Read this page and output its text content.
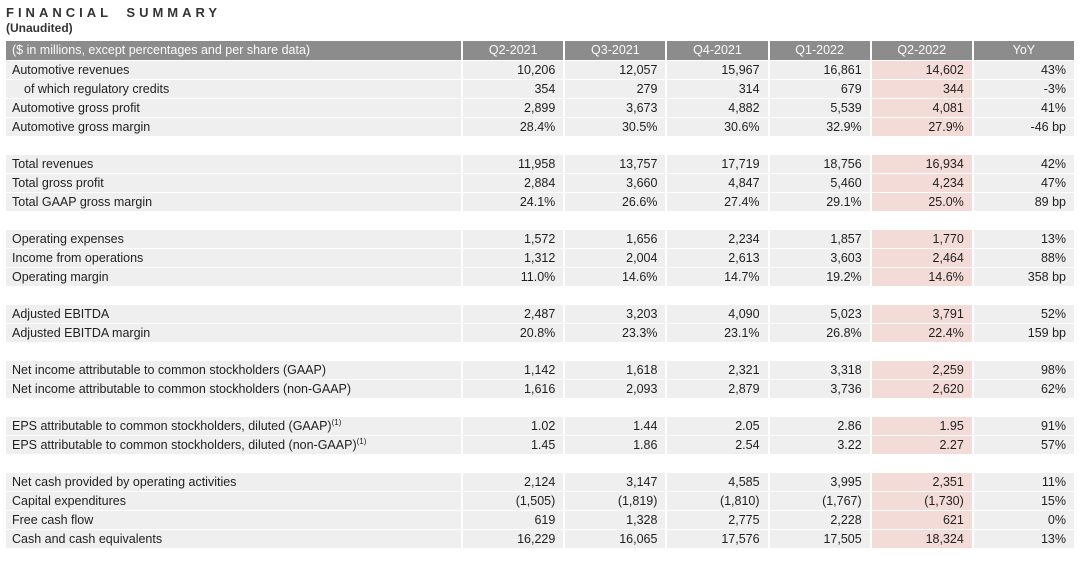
FINANCIAL SUMMARY
(Unaudited)
($ in millions, except percentages and per share data)	Q2-2021	Q3-2021	Q4-2021	Q1-2022	Q2-2022	YoY
Automotive revenues	10,206	12,057	15,967	16,861	14,602	43%
of which regulatory credits	354	279	314	679	344	-3%
Automotive gross profit	2,899	3,673	4,882	5,539	4,081	41%
Automotive gross margin	28.4%	30.5%	30.6%	32.9%	27.9%	-46 bp

Total revenues	11,958	13,757	17,719	18,756	16,934	42%
Total gross profit	2,884	3,660	4,847	5,460	4,234	47%
Total GAAP gross margin	24.1%	26.6%	27.4%	29.1%	25.0%	89 bp

Operating expenses	1,572	1,656	2,234	1,857	1,770	13%
Income from operations	1,312	2,004	2,613	3,603	2,464	88%
Operating margin	11.0%	14.6%	14.7%	19.2%	14.6%	358 bp

Adjusted EBITDA	2,487	3,203	4,090	5,023	3,791	52%
Adjusted EBITDA margin	20.8%	23.3%	23.1%	26.8%	22.4%	159 bp

Net income attributable to common stockholders (GAAP)	1,142	1,618	2,321	3,318	2,259	98%
Net income attributable to common stockholders (non-GAAP)	1,616	2,093	2,879	3,736	2,620	62%

EPS attributable to common stockholders, diluted (GAAP)$^{(1)}$	1.02	1.44	2.05	2.86	1.95	91%
EPS attributable to common stockholders, diluted (non-GAAP)$^{(1)}$	1.45	1.86	2.54	3.22	2.27	57%

Net cash provided by operating activities	2,124	3,147	4,585	3,995	2,351	11%
Capital expenditures	(1,505)	(1,819)	(1,810)	(1,767)	(1,730)	15%
Free cash flow	619	1,328	2,775	2,228	621	0%
Cash and cash equivalents	16,229	16,065	17,576	17,505	18,324	13%
